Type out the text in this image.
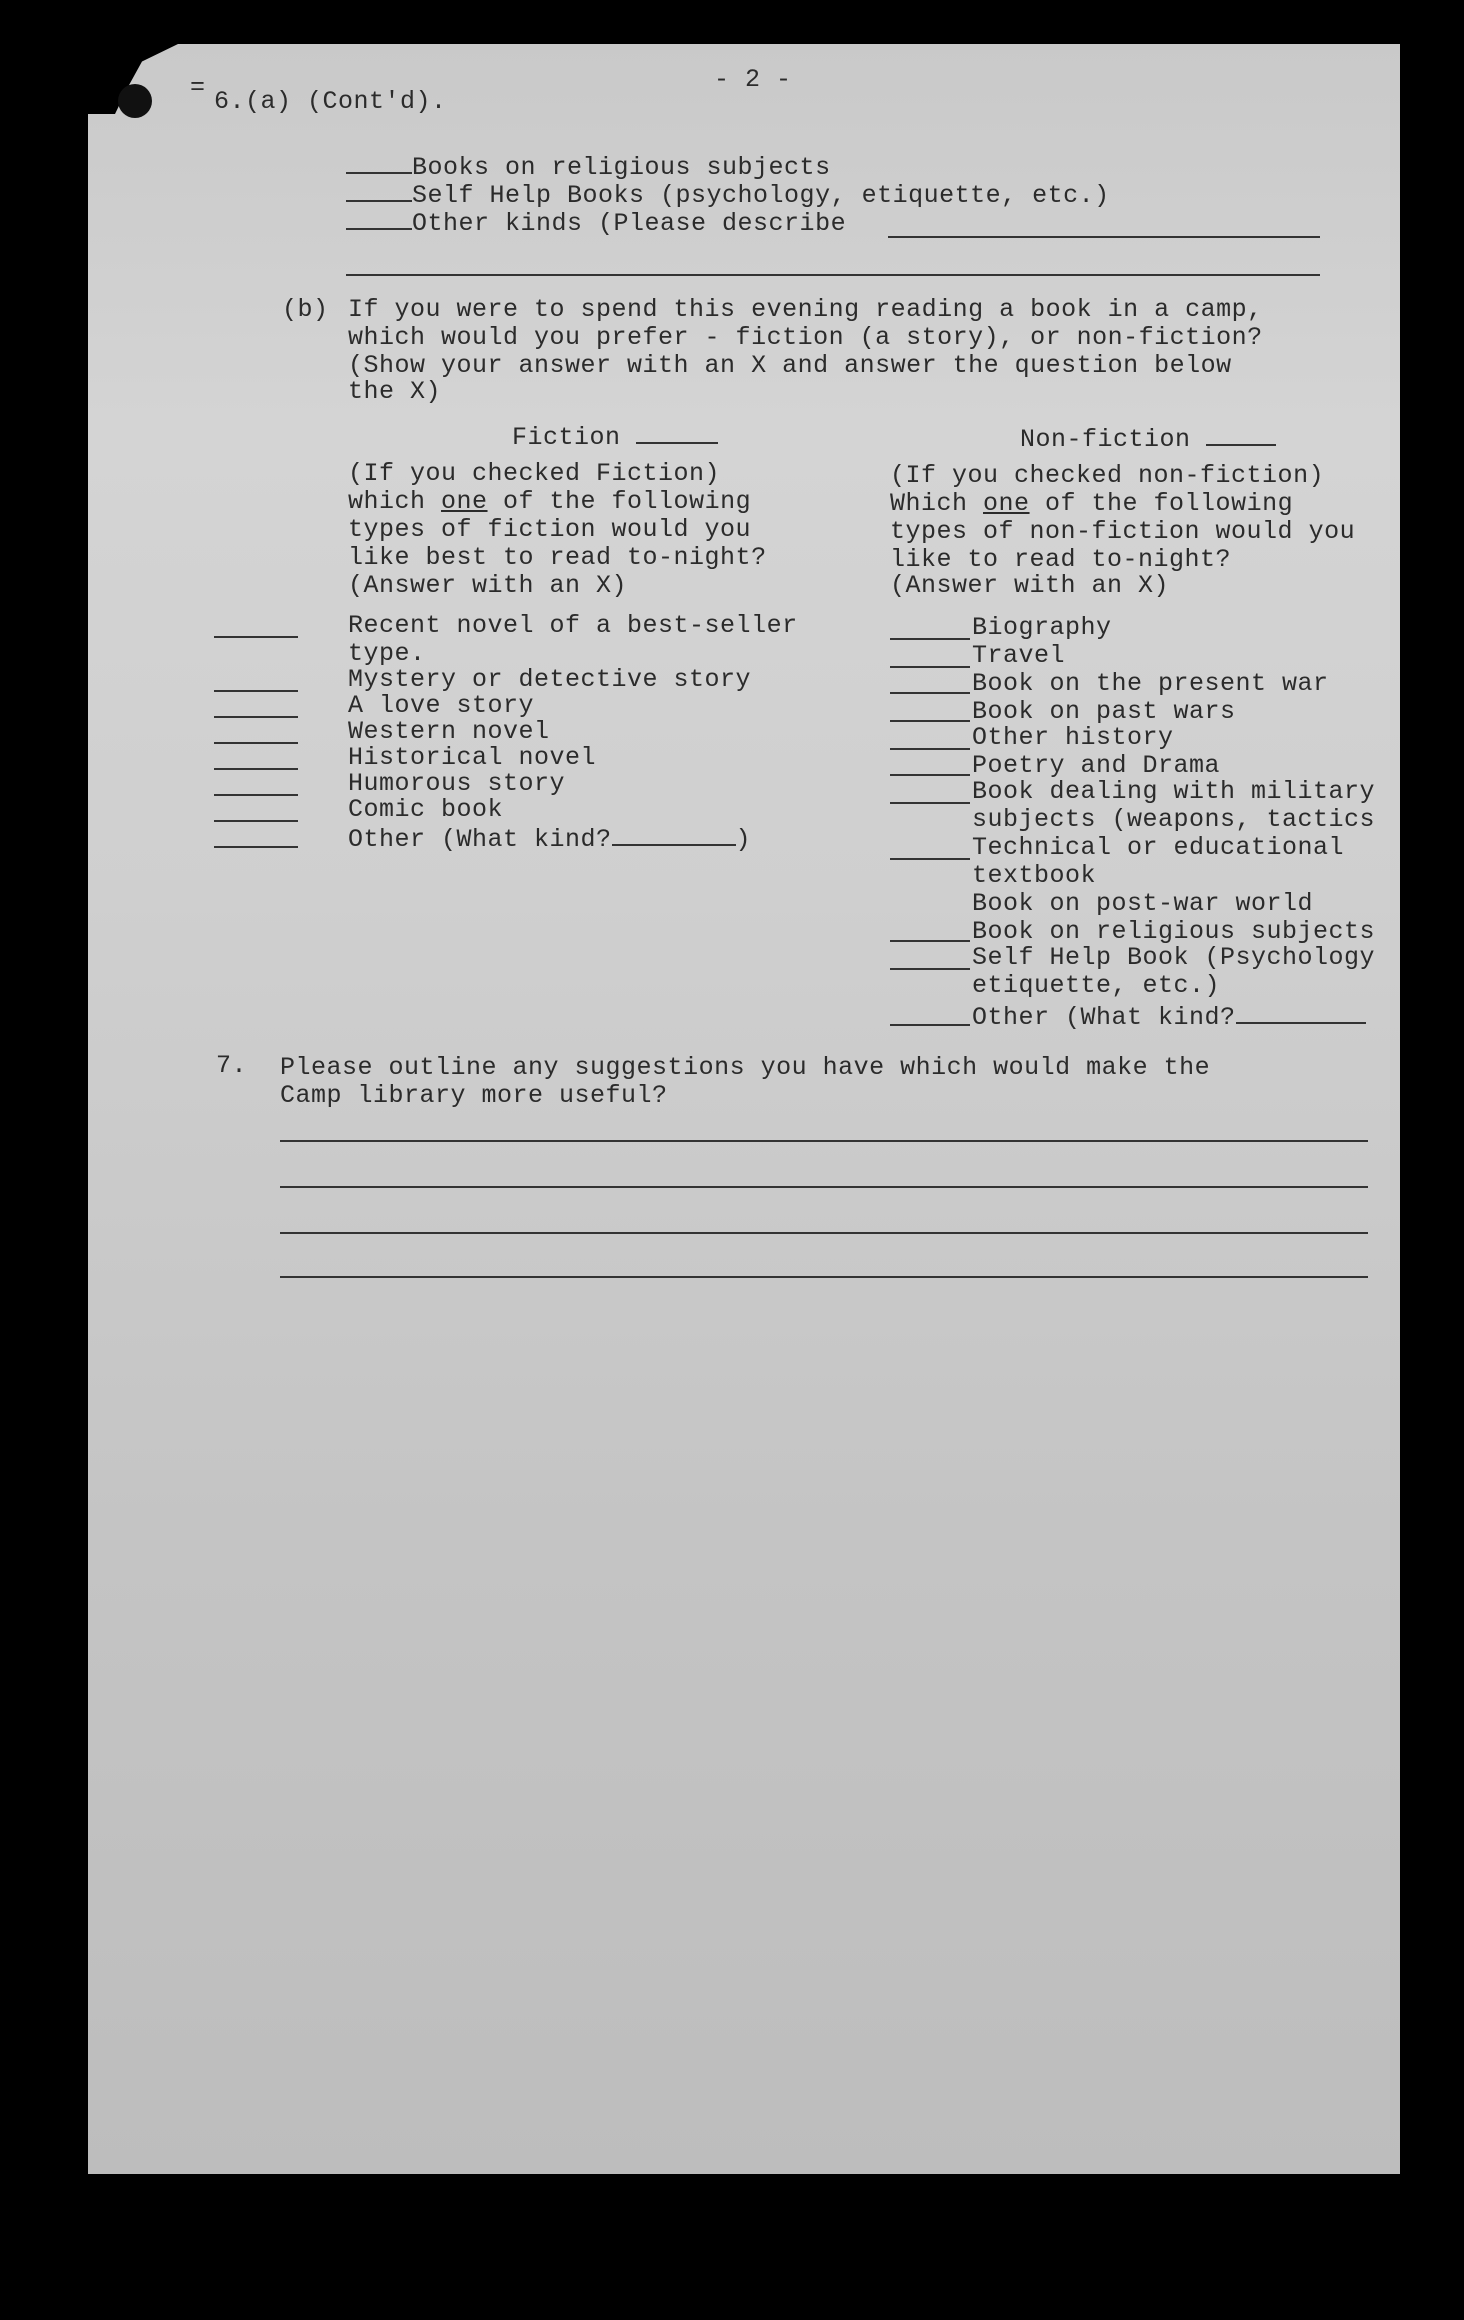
- 2 -
= 6.(a) (Cont'd).
Books on religious subjects
Self Help Books (psychology, etiquette, etc.)
Other kinds (Please describe
(b) If you were to spend this evening reading a book in a camp,
which would you prefer - fiction (a story), or non-fiction?
(Show your answer with an X and answer the question below
the X)
Fiction
(If you checked Fiction)
which one of the following
types of fiction would you
like best to read to-night?
(Answer with an X)
Recent novel of a best-seller
type.
Mystery or detective story
A love story
Western novel
Historical novel
Humorous story
Comic book
Other (What kind?	)
Non-fiction
(If you checked non-fiction)
Which one of the following
types of non-fiction would you
like to read to-night?
(Answer with an X)
Biography
Travel
Book on the present war
Book on past wars
Other history
Poetry and Drama
Book dealing with military
subjects (weapons, tactics
Technical or educational
textbook
Book on post-war world
Book on religious subjects
Self Help Book (Psychology
etiquette, etc.)
Other (What kind?
7. Please outline any suggestions you have which would make the
Camp library more useful?
